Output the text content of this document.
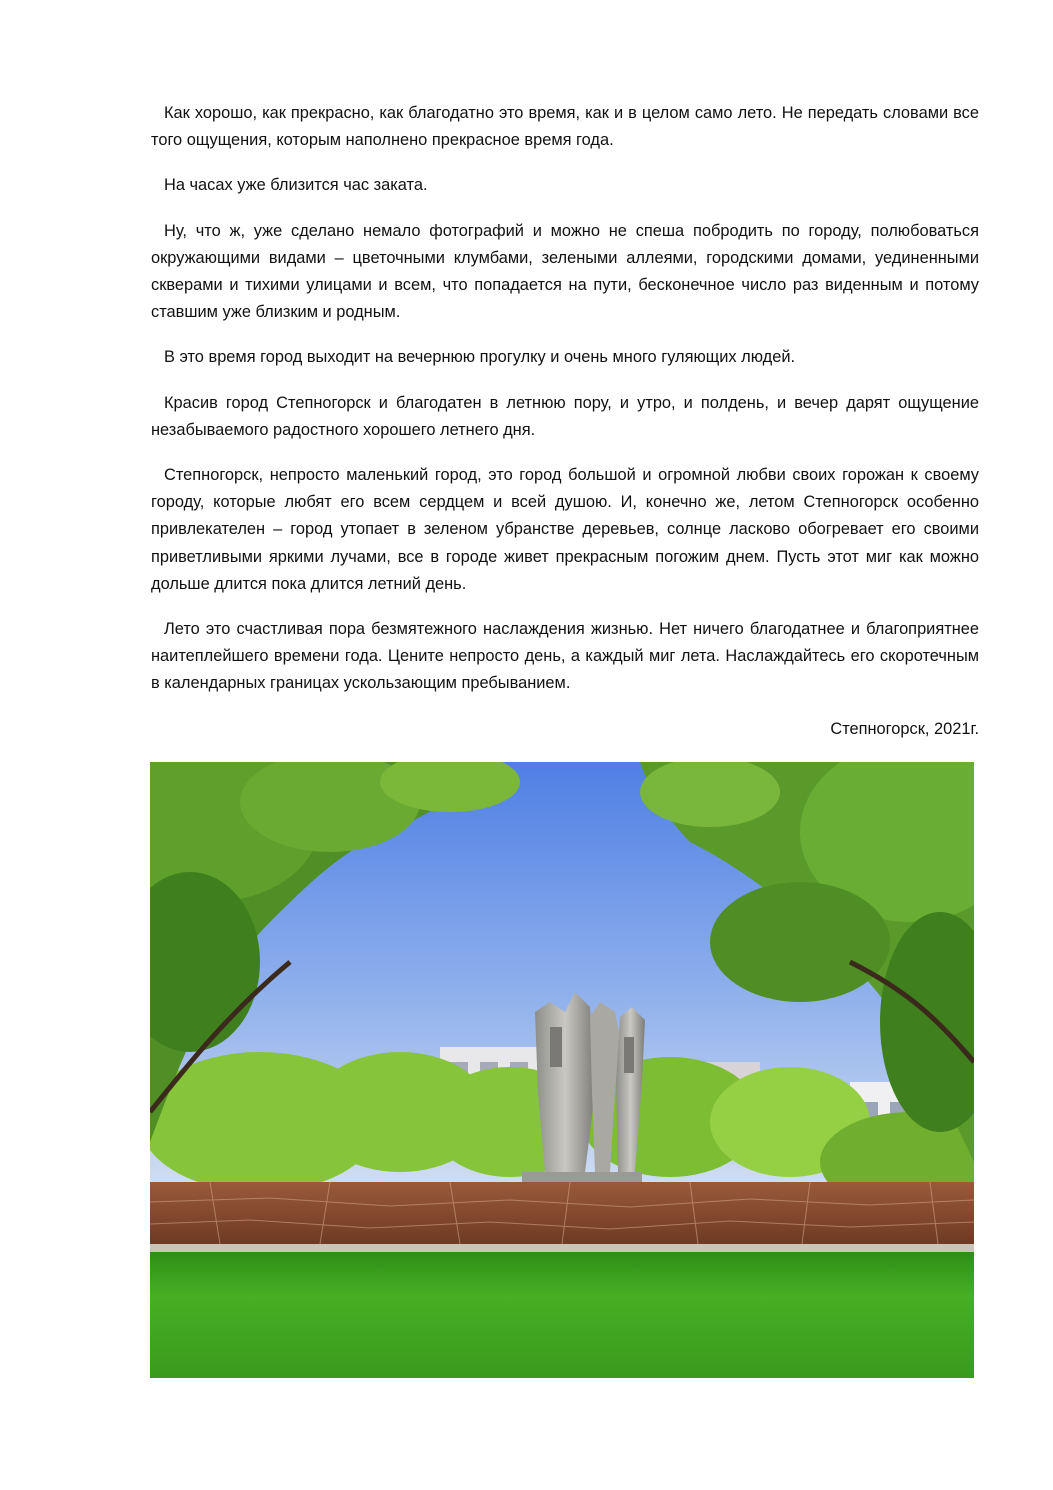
Как хорошо, как прекрасно, как благодатно это время, как и в целом само лето. Не передать словами все того ощущения, которым наполнено прекрасное время года.

На часах уже близится час заката.

Ну, что ж, уже сделано немало фотографий и можно не спеша побродить по городу, полюбоваться окружающими видами – цветочными клумбами, зелеными аллеями, городскими домами, уединенными скверами и тихими улицами и всем, что попадается на пути, бесконечное число раз виденным и потому ставшим уже близким и родным.

В это время город выходит на вечернюю прогулку и очень много гуляющих людей.

Красив город Степногорск и благодатен в летнюю пору, и утро, и полдень, и вечер дарят ощущение незабываемого радостного хорошего летнего дня.

Степногорск, непросто маленький город, это город большой и огромной любви своих горожан к своему городу, которые любят его всем сердцем и всей душою. И, конечно же, летом Степногорск особенно привлекателен – город утопает в зеленом убранстве деревьев, солнце ласково обогревает его своими приветливыми яркими лучами, все в городе живет прекрасным погожим днем. Пусть этот миг как можно дольше длится пока длится летний день.

Лето это счастливая пора безмятежного наслаждения жизнью. Нет ничего благодатнее и благоприятнее наитеплейшего времени года. Цените непросто день, а каждый миг лета. Наслаждайтесь его скоротечным в календарных границах ускользающим пребыванием.

Степногорск, 2021г.
